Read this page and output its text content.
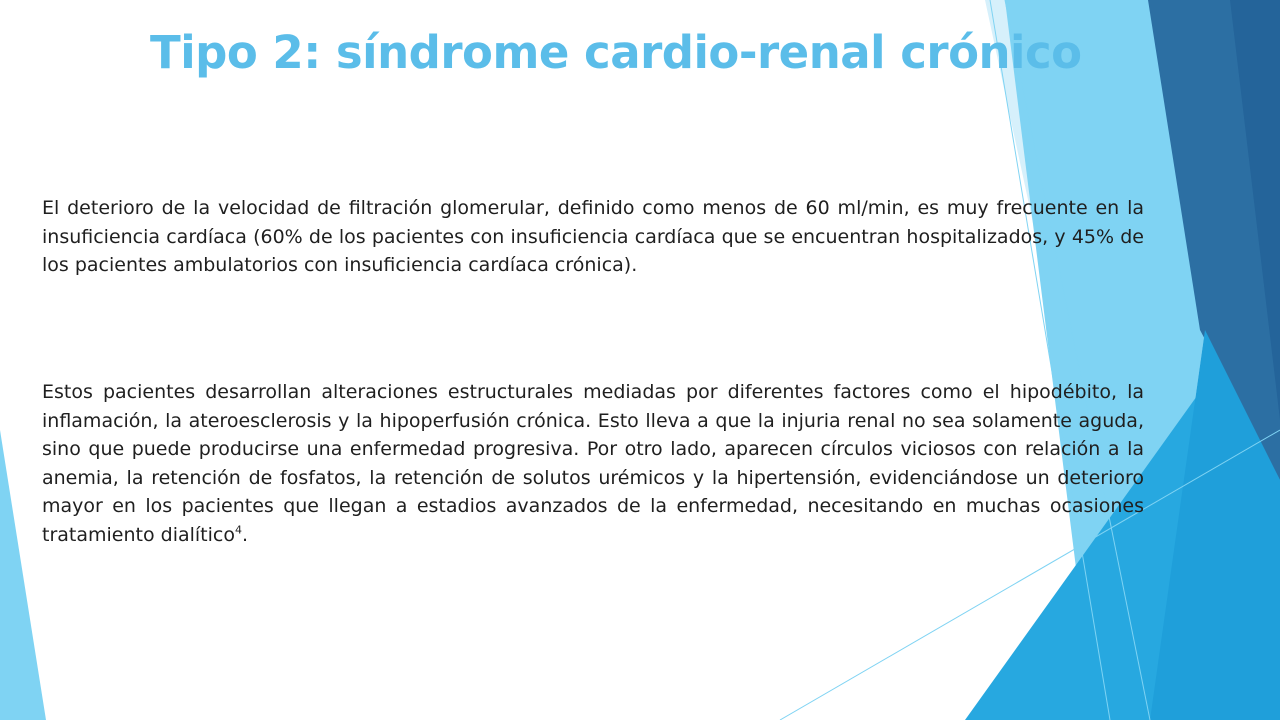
Tipo 2: síndrome cardio-renal crónico

El deterioro de la velocidad de filtración glomerular, definido como menos de 60 ml/min, es muy frecuente en la insuficiencia cardíaca (60% de los pacientes con insuficiencia cardíaca que se encuentran hospitalizados, y 45% de los pacientes ambulatorios con insuficiencia cardíaca crónica).

Estos pacientes desarrollan alteraciones estructurales mediadas por diferentes factores como el hipodébito, la inflamación, la ateroesclerosis y la hipoperfusión crónica. Esto lleva a que la injuria renal no sea solamente aguda, sino que puede producirse una enfermedad progresiva. Por otro lado, aparecen círculos viciosos con relación a la anemia, la retención de fosfatos, la retención de solutos urémicos y la hipertensión, evidenciándose un deterioro mayor en los pacientes que llegan a estadios avanzados de la enfermedad, necesitando en muchas ocasiones tratamiento dialítico$^4$.
